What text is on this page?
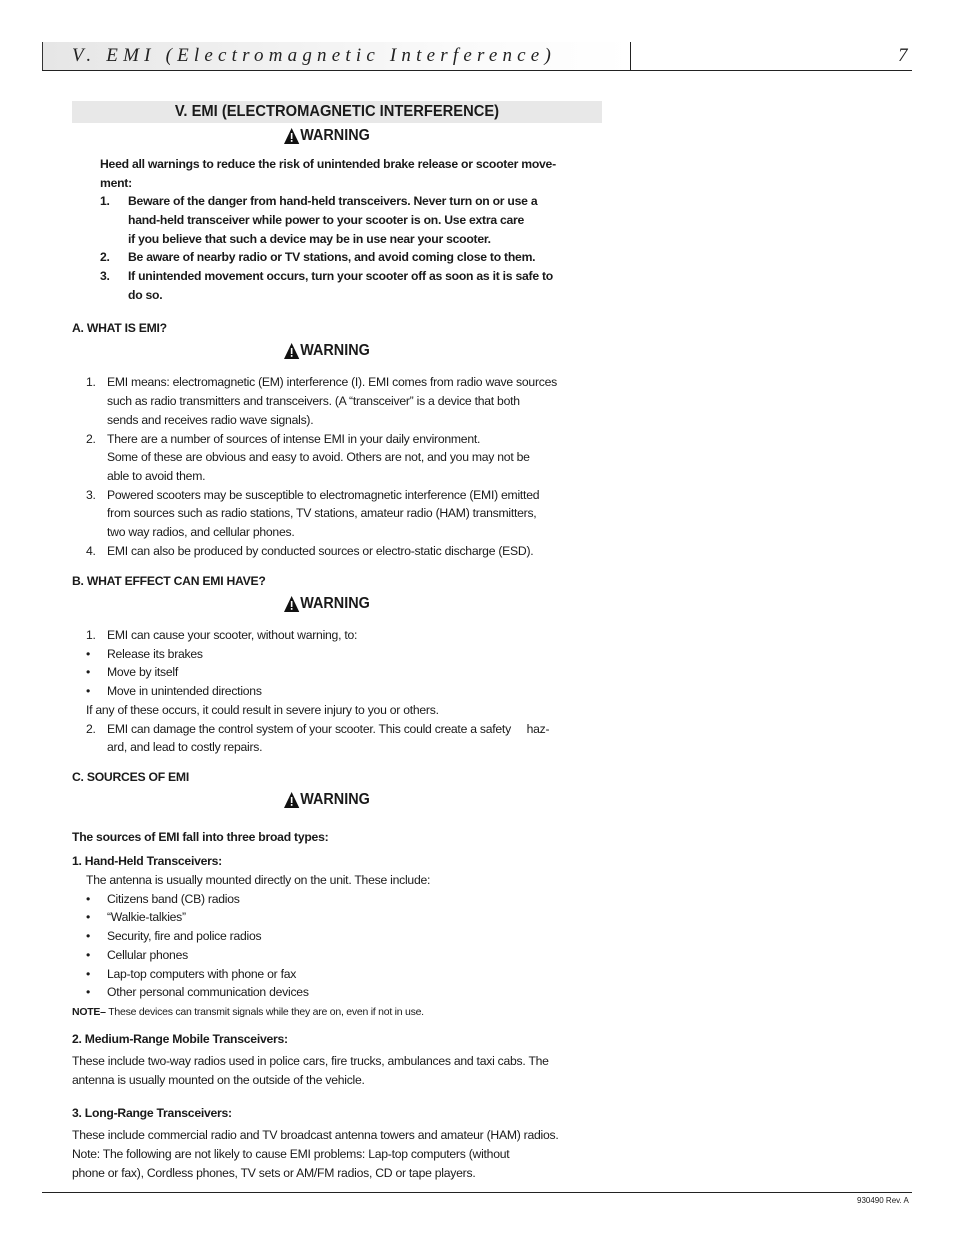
V. EMI (Electromagnetic Interference)	7
V. EMI (ELECTROMAGNETIC INTERFERENCE)
WARNING
Heed all warnings to reduce the risk of unintended brake release or scooter move-
ment:
1. Beware of the danger from hand-held transceivers. Never turn on or use a
hand-held transceiver while power to your scooter is on. Use extra care
if you believe that such a device may be in use near your scooter.
2. Be aware of nearby radio or TV stations, and avoid coming close to them.
3. If unintended movement occurs, turn your scooter off as soon as it is safe to
do so.
A. WHAT IS EMI?
WARNING
1. EMI means: electromagnetic (EM) interference (I). EMI comes from radio wave sources
such as radio transmitters and transceivers. (A “transceiver” is a device that both
sends and receives radio wave signals).
2. There are a number of sources of intense EMI in your daily environment.
Some of these are obvious and easy to avoid. Others are not, and you may not be
able to avoid them.
3. Powered scooters may be susceptible to electromagnetic interference (EMI) emitted
from sources such as radio stations, TV stations, amateur radio (HAM) transmitters,
two way radios, and cellular phones.
4. EMI can also be produced by conducted sources or electro-static discharge (ESD).
B. WHAT EFFECT CAN EMI HAVE?
WARNING
1. EMI can cause your scooter, without warning, to:
• Release its brakes
• Move by itself
• Move in unintended directions
If any of these occurs, it could result in severe injury to you or others.
2. EMI can damage the control system of your scooter. This could create a safety     haz-
ard, and lead to costly repairs.
C. SOURCES OF EMI
WARNING
The sources of EMI fall into three broad types:
1. Hand-Held Transceivers:
The antenna is usually mounted directly on the unit. These include:
• Citizens band (CB) radios
• “Walkie-talkies”
• Security, fire and police radios
• Cellular phones
• Lap-top computers with phone or fax
• Other personal communication devices
NOTE– These devices can transmit signals while they are on, even if not in use.
2. Medium-Range Mobile Transceivers:
These include two-way radios used in police cars, fire trucks, ambulances and taxi cabs. The
antenna is usually mounted on the outside of the vehicle.
3. Long-Range Transceivers:
These include commercial radio and TV broadcast antenna towers and amateur (HAM) radios.
Note: The following are not likely to cause EMI problems: Lap-top computers (without
phone or fax), Cordless phones, TV sets or AM/FM radios, CD or tape players.
930490 Rev. A
